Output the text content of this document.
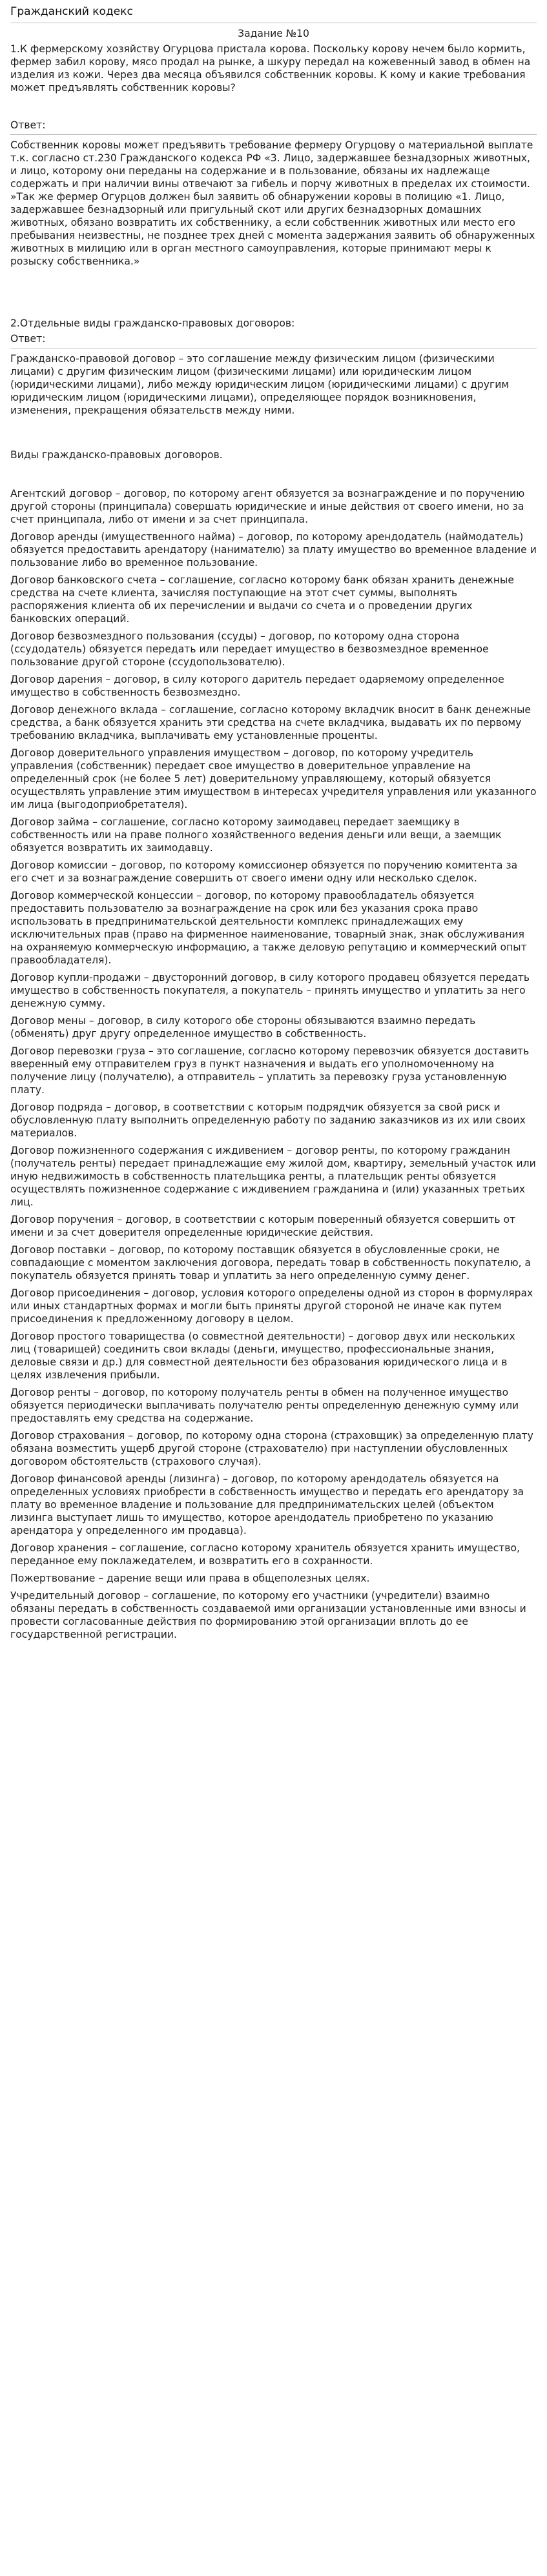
Гражданский кодекс

Задание №10

1.К фермерскому хозяйству Огурцова пристала корова. Поскольку корову нечем было кормить, фермер забил корову, мясо продал на рынке, а шкуру передал на кожевенный завод в обмен на изделия из кожи. Через два месяца объявился собственник коровы. К кому и какие требования может предъявлять собственник коровы?

Ответ:

Собственник коровы может предъявить требование фермеру Огурцову о материальной выплате т.к. согласно ст.230 Гражданского кодекса РФ «3. Лицо, задержавшее безнадзорных животных, и лицо, которому они переданы на содержание и в пользование, обязаны их надлежаще содержать и при наличии вины отвечают за гибель и порчу животных в пределах их стоимости. »Так же фермер Огурцов должен был заявить об обнаружении коровы в полицию «1. Лицо, задержавшее безнадзорный или пригульный скот или других безнадзорных домашних животных, обязано возвратить их собственнику, а если собственник животных или место его пребывания неизвестны, не позднее трех дней с момента задержания заявить об обнаруженных животных в милицию или в орган местного самоуправления, которые принимают меры к розыску собственника.»

2.Отдельные виды гражданско-правовых договоров:

Ответ:

Гражданско-правовой договор – это соглашение между физическим лицом (физическими лицами) с другим физическим лицом (физическими лицами) или юридическим лицом (юридическими лицами), либо между юридическим лицом (юридическими лицами) с другим юридическим лицом (юридическими лицами), определяющее порядок возникновения, изменения, прекращения обязательств между ними.

Виды гражданско-правовых договоров.

Агентский договор – договор, по которому агент обязуется за вознаграждение и по поручению другой стороны (принципала) совершать юридические и иные действия от своего имени, но за счет принципала, либо от имени и за счет принципала.

Договор аренды (имущественного найма) – договор, по которому арендодатель (наймодатель) обязуется предоставить арендатору (нанимателю) за плату имущество во временное владение и пользование либо во временное пользование.

Договор банковского счета – соглашение, согласно которому банк обязан хранить денежные средства на счете клиента, зачисляя поступающие на этот счет суммы, выполнять распоряжения клиента об их перечислении и выдачи со счета и о проведении других банковских операций.

Договор безвозмездного пользования (ссуды) – договор, по которому одна сторона (ссудодатель) обязуется передать или передает имущество в безвозмездное временное пользование другой стороне (ссудопользователю).

Договор дарения – договор, в силу которого даритель передает одаряемому определенное имущество в собственность безвозмездно.

Договор денежного вклада – соглашение, согласно которому вкладчик вносит в банк денежные средства, а банк обязуется хранить эти средства на счете вкладчика, выдавать их по первому требованию вкладчика, выплачивать ему установленные проценты.

Договор доверительного управления имуществом – договор, по которому учредитель управления (собственник) передает свое имущество в доверительное управление на определенный срок (не более 5 лет) доверительному управляющему, который обязуется осуществлять управление этим имуществом в интересах учредителя управления или указанного им лица (выгодоприобретателя).

Договор займа – соглашение, согласно которому заимодавец передает заемщику в собственность или на праве полного хозяйственного ведения деньги или вещи, а заемщик обязуется возвратить их заимодавцу.

Договор комиссии – договор, по которому комиссионер обязуется по поручению комитента за его счет и за вознаграждение совершить от своего имени одну или несколько сделок.

Договор коммерческой концессии – договор, по которому правообладатель обязуется предоставить пользователю за вознаграждение на срок или без указания срока право использовать в предпринимательской деятельности комплекс принадлежащих ему исключительных прав (право на фирменное наименование, товарный знак, знак обслуживания на охраняемую коммерческую информацию, а также деловую репутацию и коммерческий опыт правообладателя).

Договор купли-продажи – двусторонний договор, в силу которого продавец обязуется передать имущество в собственность покупателя, а покупатель – принять имущество и уплатить за него денежную сумму.

Договор мены – договор, в силу которого обе стороны обязываются взаимно передать (обменять) друг другу определенное имущество в собственность.

Договор перевозки груза – это соглашение, согласно которому перевозчик обязуется доставить вверенный ему отправителем груз в пункт назначения и выдать его уполномоченному на получение лицу (получателю), а отправитель – уплатить за перевозку груза установленную плату.

Договор подряда – договор, в соответствии с которым подрядчик обязуется за свой риск и обусловленную плату выполнить определенную работу по заданию заказчиков из их или своих материалов.

Договор пожизненного содержания с иждивением – договор ренты, по которому гражданин (получатель ренты) передает принадлежащие ему жилой дом, квартиру, земельный участок или иную недвижимость в собственность плательщика ренты, а плательщик ренты обязуется осуществлять пожизненное содержание с иждивением гражданина и (или) указанных третьих лиц.

Договор поручения – договор, в соответствии с которым поверенный обязуется совершить от имени и за счет доверителя определенные юридические действия.

Договор поставки – договор, по которому поставщик обязуется в обусловленные сроки, не совпадающие с моментом заключения договора, передать товар в собственность покупателю, а покупатель обязуется принять товар и уплатить за него определенную сумму денег.

Договор присоединения – договор, условия которого определены одной из сторон в формулярах или иных стандартных формах и могли быть приняты другой стороной не иначе как путем присоединения к предложенному договору в целом.

Договор простого товарищества (о совместной деятельности) – договор двух или нескольких лиц (товарищей) соединить свои вклады (деньги, имущество, профессиональные знания, деловые связи и др.) для совместной деятельности без образования юридического лица и в целях извлечения прибыли.

Договор ренты – договор, по которому получатель ренты в обмен на полученное имущество обязуется периодически выплачивать получателю ренты определенную денежную сумму или предоставлять ему средства на содержание.

Договор страхования – договор, по которому одна сторона (страховщик) за определенную плату обязана возместить ущерб другой стороне (страхователю) при наступлении обусловленных договором обстоятельств (страхового случая).

Договор финансовой аренды (лизинга) – договор, по которому арендодатель обязуется на определенных условиях приобрести в собственность имущество и передать его арендатору за плату во временное владение и пользование для предпринимательских целей (объектом лизинга выступает лишь то имущество, которое арендодатель приобретено по указанию арендатора у определенного им продавца).

Договор хранения – соглашение, согласно которому хранитель обязуется хранить имущество, переданное ему поклажедателем, и возвратить его в сохранности.

Пожертвование – дарение вещи или права в общеполезных целях.

Учредительный договор – соглашение, по которому его участники (учредители) взаимно обязаны передать в собственность создаваемой ими организации установленные ими взносы и провести согласованные действия по формированию этой организации вплоть до ее государственной регистрации.
